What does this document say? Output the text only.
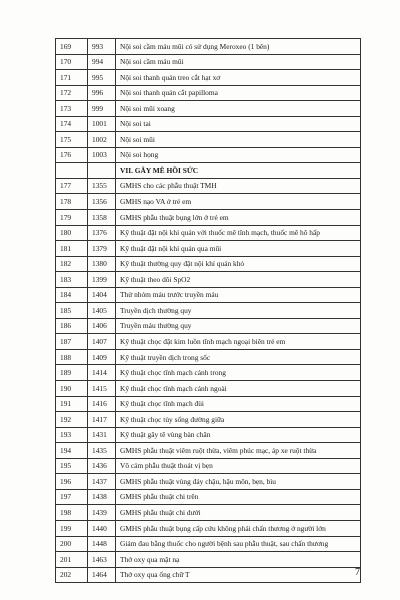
169	993	Nội soi cầm máu mũi có sử dụng Meroxeo (1 bên)
170	994	Nội soi cầm máu mũi
171	995	Nội soi thanh quản treo cắt hạt xơ
172	996	Nội soi thanh quản cắt papilloma
173	999	Nội soi mũi xoang
174	1001	Nội soi tai
175	1002	Nội soi mũi
176	1003	Nội soi họng
		VII. GÂY MÊ HỒI SỨC
177	1355	GMHS cho các phẫu thuật TMH
178	1356	GMHS nạo VA ở trẻ em
179	1358	GMHS phẫu thuật bụng lớn ở trẻ em
180	1376	Kỹ thuật đặt nội khí quản với thuốc mê tĩnh mạch, thuốc mê hô hấp
181	1379	Kỹ thuật đặt nội khí quản qua mũi
182	1380	Kỹ thuật thường quy đặt nội khí quản khó
183	1399	Kỹ thuật theo dõi SpO2
184	1404	Thử nhóm máu trước truyền máu
185	1405	Truyền dịch thường quy
186	1406	Truyền máu thường quy
187	1407	Kỹ thuật chọc đặt kim luồn tĩnh mạch ngoại biên trẻ em
188	1409	Kỹ thuật truyền dịch trong sốc
189	1414	Kỹ thuật chọc tĩnh mạch cảnh trong
190	1415	Kỹ thuật chọc tĩnh mạch cảnh ngoài
191	1416	Kỹ thuật chọc tĩnh mạch đùi
192	1417	Kỹ thuật chọc tủy sống đường giữa
193	1431	Kỹ thuật gây tê vùng bàn chân
194	1435	GMHS phẫu thuật viêm ruột thừa, viêm phúc mạc, áp xe ruột thừa
195	1436	Vô cảm phẫu thuật thoát vị bẹn
196	1437	GMHS phẫu thuật vùng đáy chậu, hậu môn, bẹn, bìu
197	1438	GMHS phẫu thuật chi trên
198	1439	GMHS phẫu thuật chi dưới
199	1440	GMHS phẫu thuật bụng cấp cứu không phải chấn thương ở người lớn
200	1448	Giảm đau bằng thuốc cho người bệnh sau phẫu thuật, sau chấn thương
201	1463	Thở oxy qua mặt nạ
202	1464	Thở oxy qua ống chữ T	7
